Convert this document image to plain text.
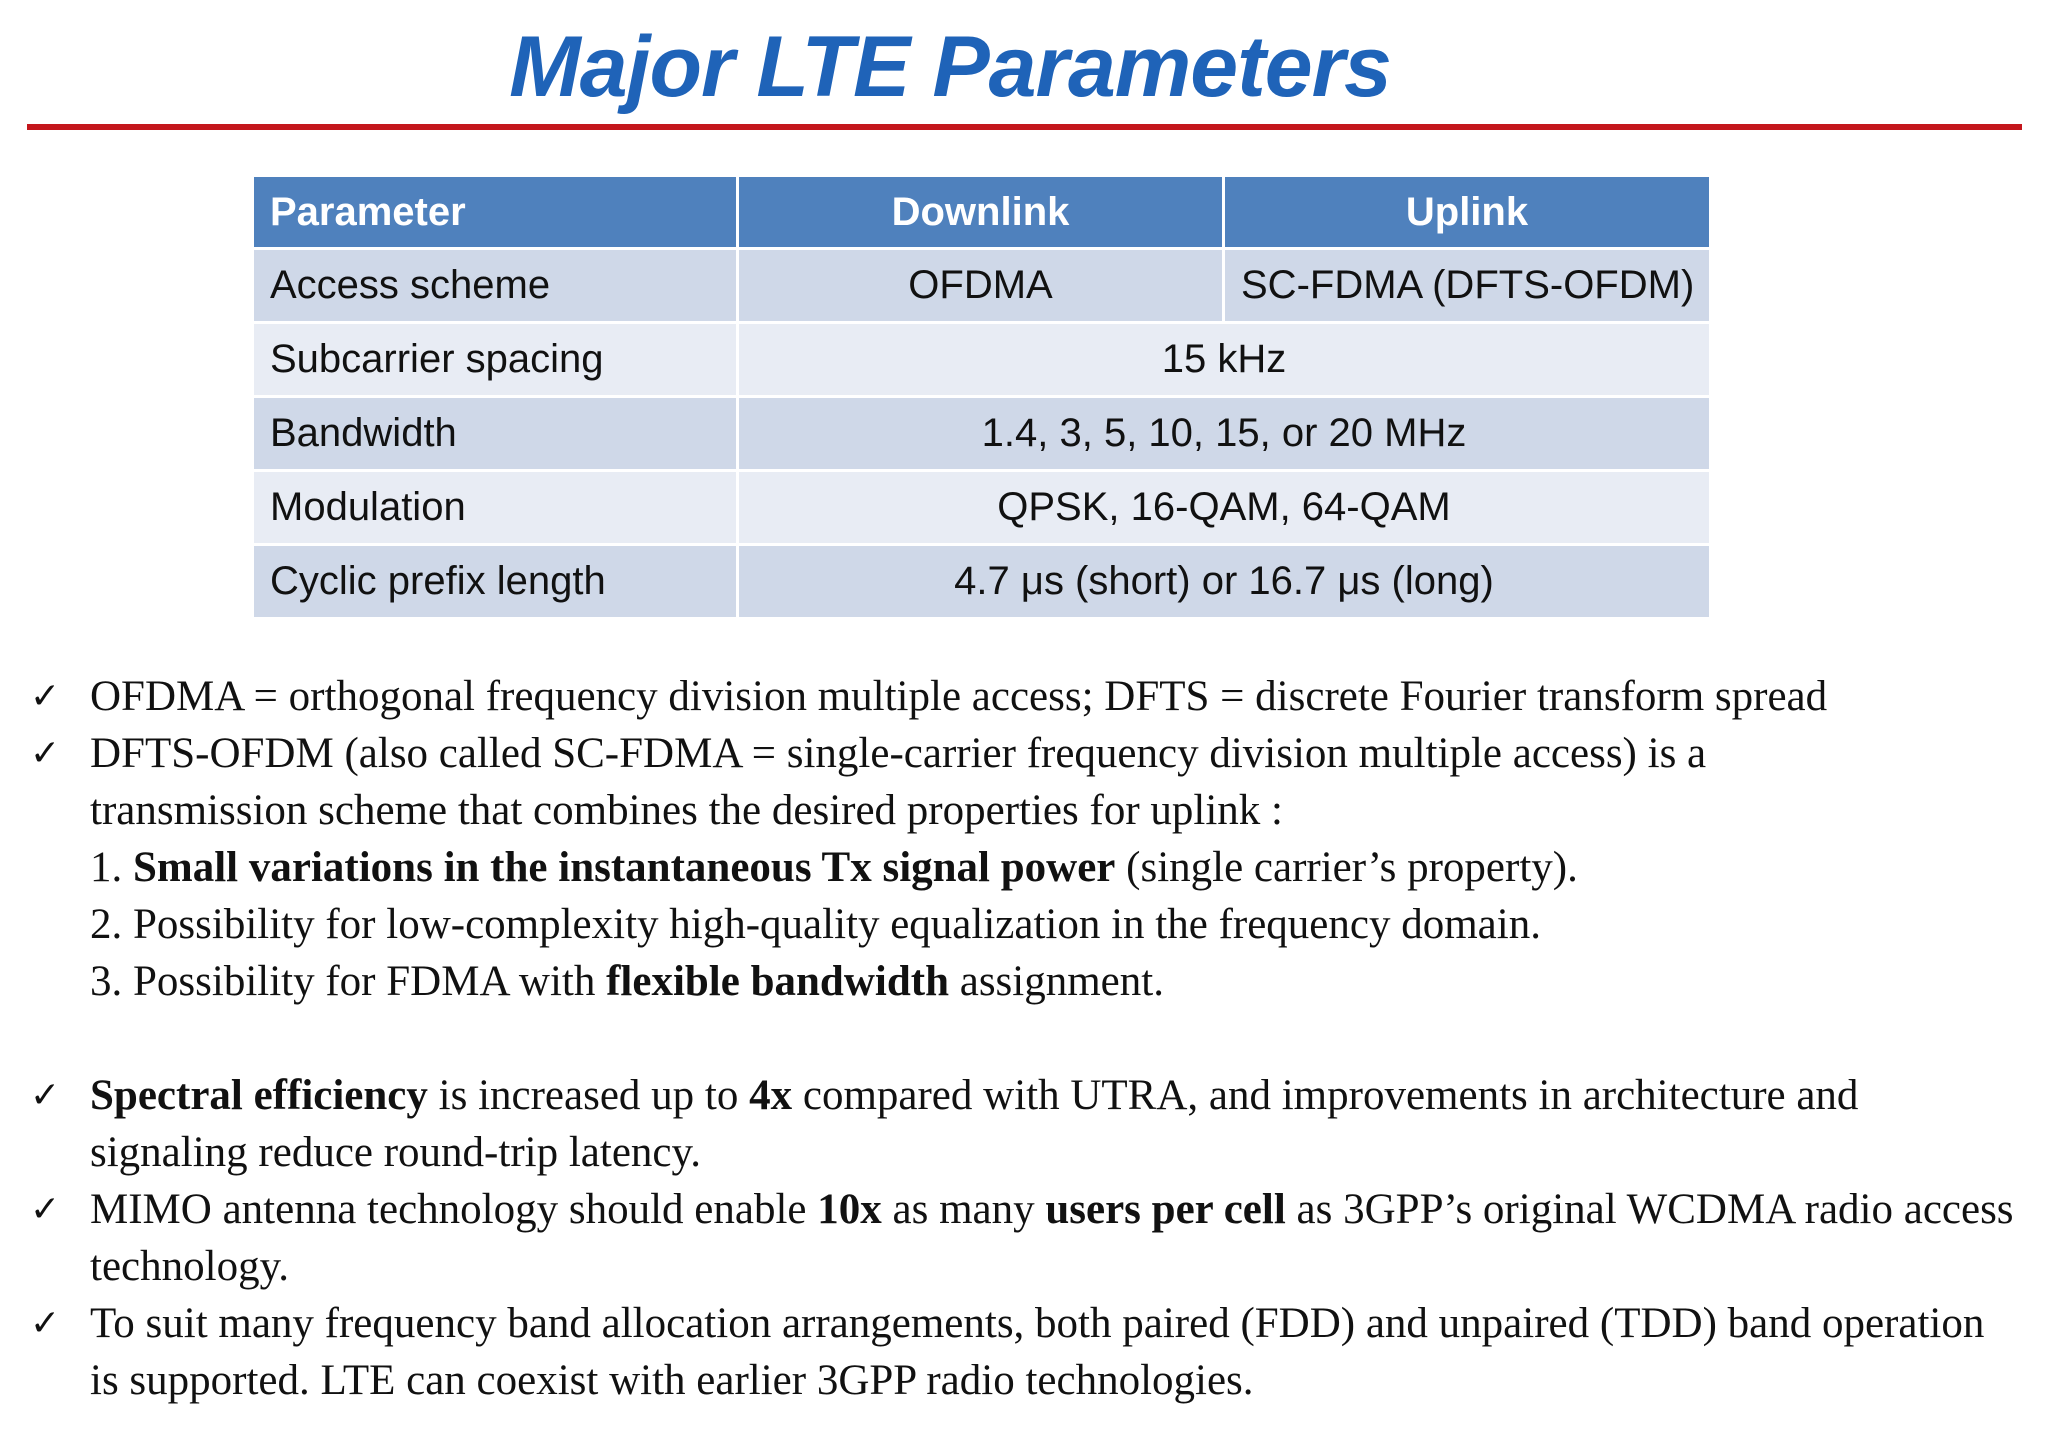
Major LTE Parameters
Parameter	Downlink	Uplink
Access scheme	OFDMA	SC-FDMA (DFTS-OFDM)
Subcarrier spacing	15 kHz	
Bandwidth	1.4, 3, 5, 10, 15, or 20 MHz	
Modulation	QPSK, 16-QAM, 64-QAM	
Cyclic prefix length	4.7 μs (short) or 16.7 μs (long)	
✓ OFDMA = orthogonal frequency division multiple access; DFTS = discrete Fourier transform spread
✓ DFTS-OFDM (also called SC-FDMA = single-carrier frequency division multiple access) is a
transmission scheme that combines the desired properties for uplink :
1. Small variations in the instantaneous Tx signal power (single carrier’s property).
2. Possibility for low-complexity high-quality equalization in the frequency domain.
3. Possibility for FDMA with flexible bandwidth assignment.
✓ Spectral efficiency is increased up to 4x compared with UTRA, and improvements in architecture and signaling reduce round-trip latency.
✓ MIMO antenna technology should enable 10x as many users per cell as 3GPP’s original WCDMA radio access technology.
✓ To suit many frequency band allocation arrangements, both paired (FDD) and unpaired (TDD) band operation is supported. LTE can coexist with earlier 3GPP radio technologies.
